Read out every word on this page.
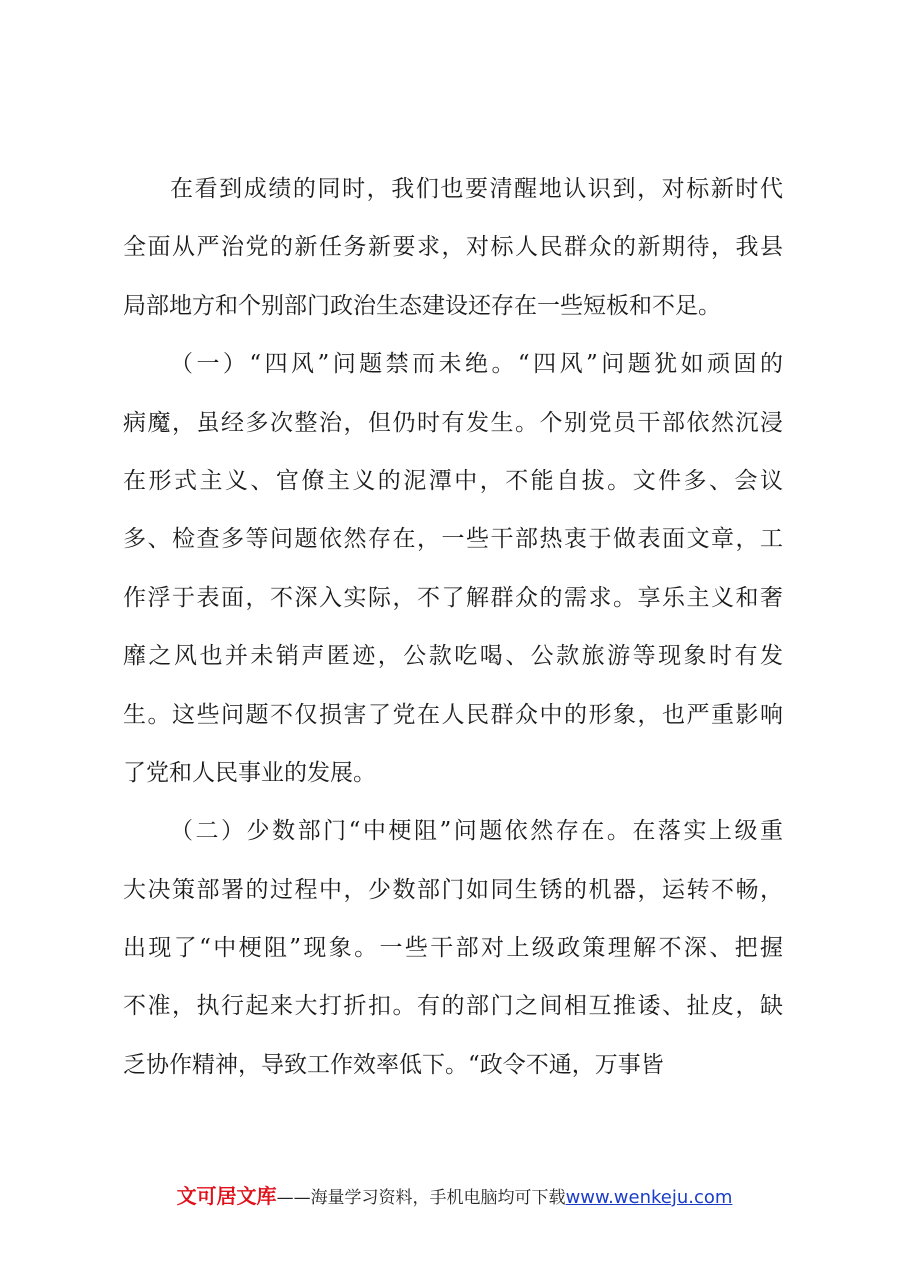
在看到成绩的同时，我们也要清醒地认识到，对标新时代
全面从严治党的新任务新要求，对标人民群众的新期待，我县
局部地方和个别部门政治生态建设还存在一些短板和不足。
（一）“四风”问题禁而未绝。“四风”问题犹如顽固的
病魔，虽经多次整治，但仍时有发生。个别党员干部依然沉浸
在形式主义、官僚主义的泥潭中，不能自拔。文件多、会议
多、检查多等问题依然存在，一些干部热衷于做表面文章，工
作浮于表面，不深入实际，不了解群众的需求。享乐主义和奢
靡之风也并未销声匿迹，公款吃喝、公款旅游等现象时有发
生。这些问题不仅损害了党在人民群众中的形象，也严重影响
了党和人民事业的发展。
（二）少数部门“中梗阻”问题依然存在。在落实上级重
大决策部署的过程中，少数部门如同生锈的机器，运转不畅，
出现了“中梗阻”现象。一些干部对上级政策理解不深、把握
不准，执行起来大打折扣。有的部门之间相互推诿、扯皮，缺
乏协作精神，导致工作效率低下。“政令不通，万事皆
文可居文库——海量学习资料，手机电脑均可下载www.wenkeju.com
